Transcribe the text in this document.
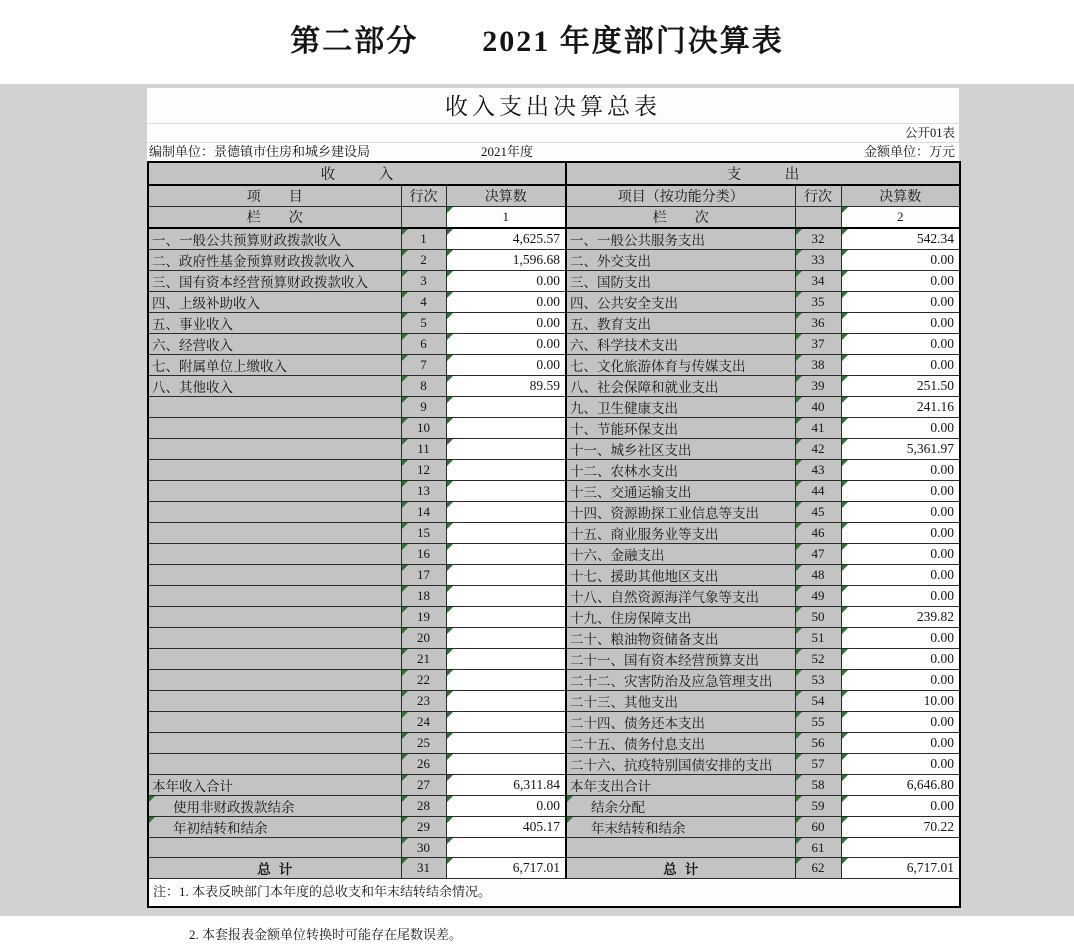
第二部分　　2021 年度部门决算表
收入支出决算总表
公开01表
编制单位：景德镇市住房和城乡建设局	2021年度	金额单位：万元
收　　　入			支　　　出		
项　　目	行次	决算数	项目（按功能分类）	行次	决算数
栏　　次		1	栏　　次		2
一、一般公共预算财政拨款收入	1	4,625.57	一、一般公共服务支出	32	542.34
二、政府性基金预算财政拨款收入	2	1,596.68	二、外交支出	33	0.00
三、国有资本经营预算财政拨款收入	3	0.00	三、国防支出	34	0.00
四、上级补助收入	4	0.00	四、公共安全支出	35	0.00
五、事业收入	5	0.00	五、教育支出	36	0.00
六、经营收入	6	0.00	六、科学技术支出	37	0.00
七、附属单位上缴收入	7	0.00	七、文化旅游体育与传媒支出	38	0.00
八、其他收入	8	89.59	八、社会保障和就业支出	39	251.50
	9		九、卫生健康支出	40	241.16
	10		十、节能环保支出	41	0.00
	11		十一、城乡社区支出	42	5,361.97
	12		十二、农林水支出	43	0.00
	13		十三、交通运输支出	44	0.00
	14		十四、资源勘探工业信息等支出	45	0.00
	15		十五、商业服务业等支出	46	0.00
	16		十六、金融支出	47	0.00
	17		十七、援助其他地区支出	48	0.00
	18		十八、自然资源海洋气象等支出	49	0.00
	19		十九、住房保障支出	50	239.82
	20		二十、粮油物资储备支出	51	0.00
	21		二十一、国有资本经营预算支出	52	0.00
	22		二十二、灾害防治及应急管理支出	53	0.00
	23		二十三、其他支出	54	10.00
	24		二十四、债务还本支出	55	0.00
	25		二十五、债务付息支出	56	0.00
	26		二十六、抗疫特别国债安排的支出	57	0.00
本年收入合计	27	6,311.84	本年支出合计	58	6,646.80
使用非财政拨款结余	28	0.00	结余分配	59	0.00
年初结转和结余	29	405.17	年末结转和结余	60	70.22
	30			61	
总计	31	6,717.01	总计	62	6,717.01
注：1. 本表反映部门本年度的总收支和年末结转结余情况。					
2. 本套报表金额单位转换时可能存在尾数误差。
